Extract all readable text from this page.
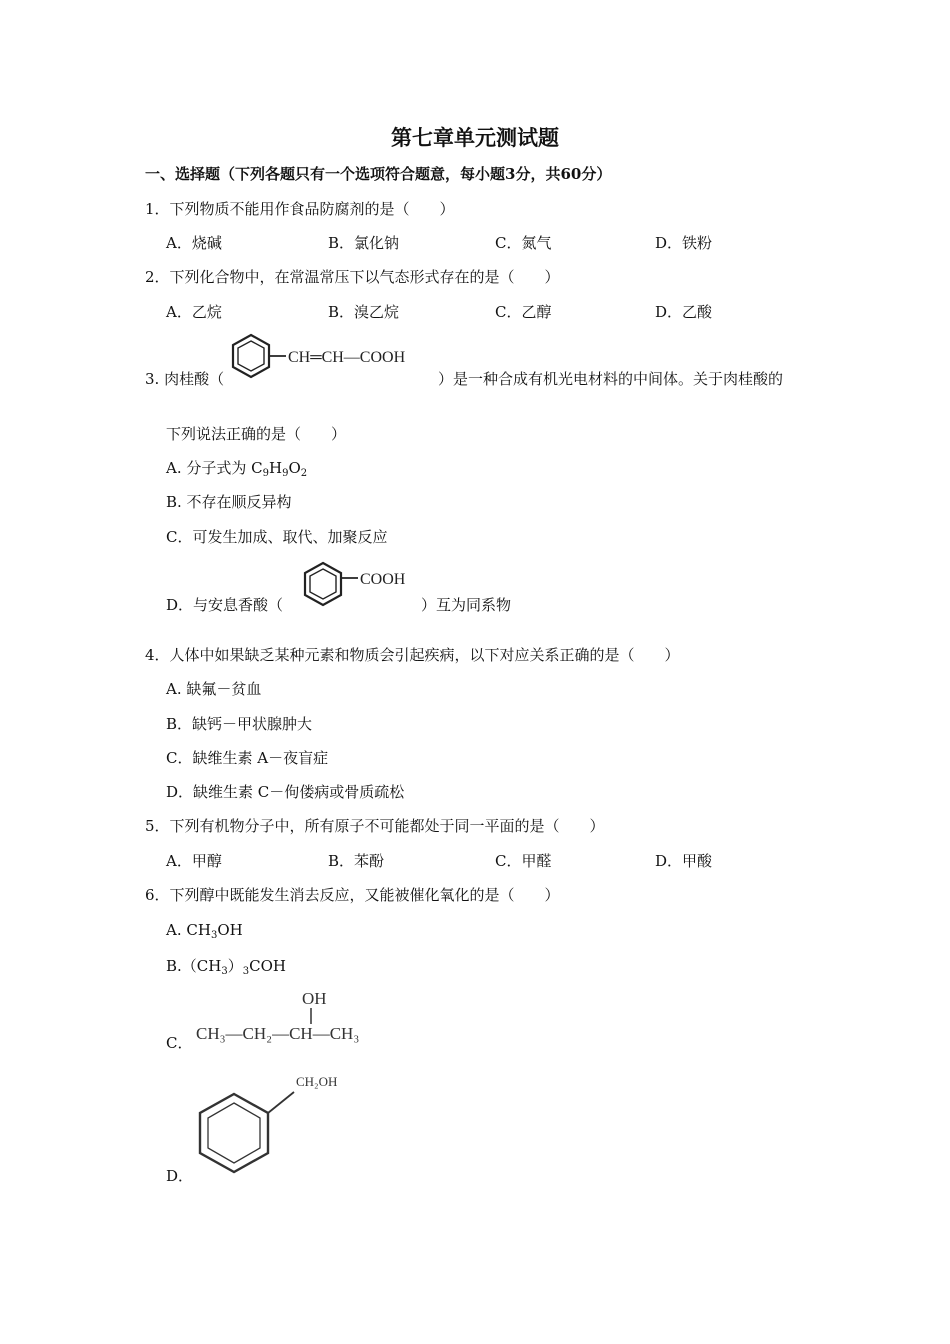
第七章单元测试题
一、选择题（下列各题只有一个选项符合题意，每小题3分，共60分）
1．下列物质不能用作食品防腐剂的是（　　）
A．烧碱	B．氯化钠	C．氮气	D．铁粉
2．下列化合物中，在常温常压下以气态形式存在的是（　　）
A．乙烷	B．溴乙烷	C．乙醇	D．乙酸
3. 肉桂酸（
CH═CH—COOH
）是一种合成有机光电材料的中间体。关于肉桂酸的
下列说法正确的是（　　）
A. 分子式为 $C_9H_9O_2$
B. 不存在顺反异构
C．可发生加成、取代、加聚反应
D．与安息香酸（
COOH
）互为同系物
4．人体中如果缺乏某种元素和物质会引起疾病，以下对应关系正确的是（　　）
A. 缺氟－贫血
B．缺钙－甲状腺肿大
C．缺维生素 A－夜盲症
D．缺维生素 C－佝偻病或骨质疏松
5．下列有机物分子中，所有原子不可能都处于同一平面的是（　　）
A．甲醇	B．苯酚	C．甲醛	D．甲酸
6．下列醇中既能发生消去反应，又能被催化氧化的是（　　）
A. $CH_3OH$
$B.(CH_3)_3COH$
C．
OH
CH₃—CH₂—CH—CH₃
D．
CH₂OH
